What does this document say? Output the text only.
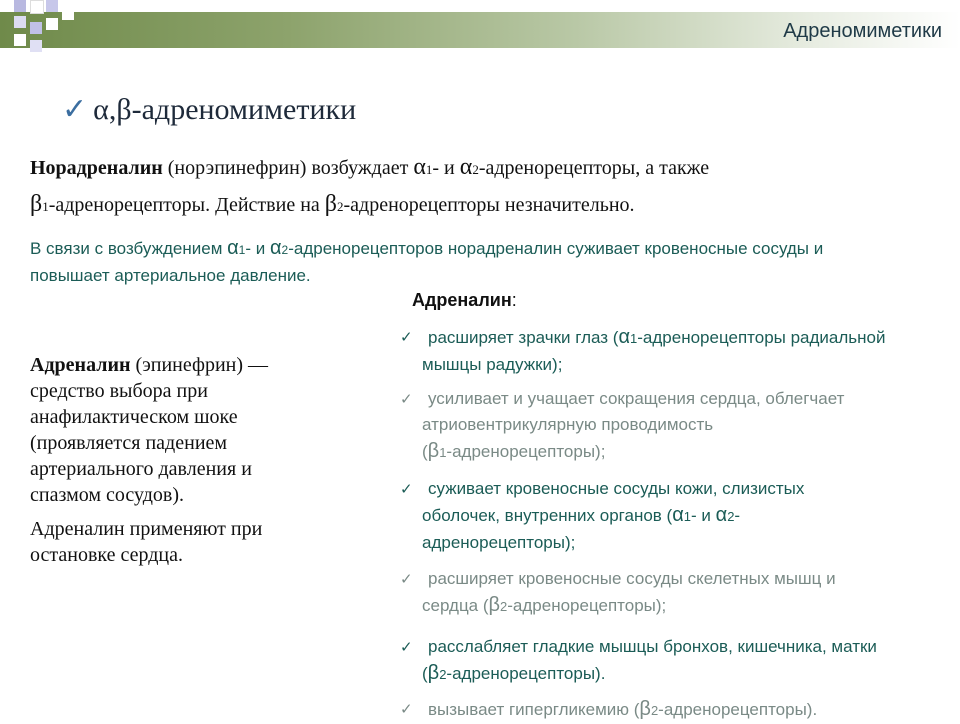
Адреномиметики
✓ α,β-адреномиметики
Норадреналин (норэпинефрин) возбуждает α1- и α2-адренорецепторы, а также
β1-адренорецепторы. Действие на β2-адренорецепторы незначительно.
В связи с возбуждением α1- и α2-адренорецепторов норадреналин суживает кровеносные сосуды и
повышает артериальное давление.

Адреналин (эпинефрин) —
средство выбора при
анафилактическом шоке
(проявляется падением
артериального давления и
спазмом сосудов).

Адреналин применяют при
остановке сердца.

Адреналин:
✓ расширяет зрачки глаз (α1-адренорецепторы радиальной
мышцы радужки);
✓ усиливает и учащает сокращения сердца, облегчает
атриовентрикулярную проводимость
(β1-адренорецепторы);
✓ суживает кровеносные сосуды кожи, слизистых
оболочек, внутренних органов (α1- и α2-
адренорецепторы);
✓ расширяет кровеносные сосуды скелетных мышц и
сердца (β2-адренорецепторы);
✓ расслабляет гладкие мышцы бронхов, кишечника, матки
(β2-адренорецепторы).
✓ вызывает гипергликемию (β2-адренорецепторы).
